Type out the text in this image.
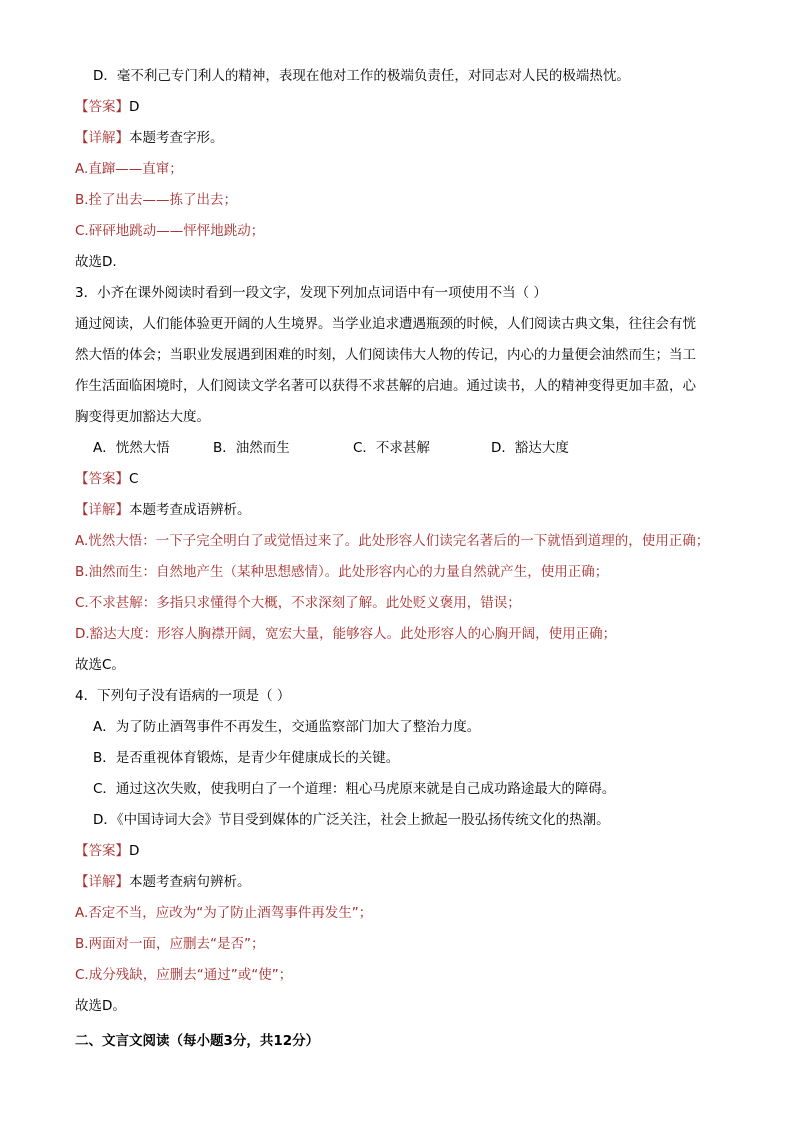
D．毫不利己专门利人的精神，表现在他对工作的极端负责任，对同志对人民的极端热忱。
【答案】D
【详解】本题考查字形。
A.直蹿——直窜；
B.拴了出去——拣了出去；
C.砰砰地跳动——怦怦地跳动；
故选D.
3．小齐在课外阅读时看到一段文字，发现下列加点词语中有一项使用不当（ ）
通过阅读，人们能体验更开阔的人生境界。当学业追求遭遇瓶颈的时候，人们阅读古典文集，往往会有恍
然大悟的体会；当职业发展遇到困难的时刻，人们阅读伟大人物的传记，内心的力量便会油然而生；当工
作生活面临困境时，人们阅读文学名著可以获得不求甚解的启迪。通过读书，人的精神变得更加丰盈，心
胸变得更加豁达大度。
A．恍然大悟	B．油然而生	C．不求甚解	D．豁达大度
【答案】C
【详解】本题考查成语辨析。
A.恍然大悟：一下子完全明白了或觉悟过来了。此处形容人们读完名著后的一下就悟到道理的，使用正确；
B.油然而生：自然地产生（某种思想感情）。此处形容内心的力量自然就产生，使用正确；
C.不求甚解：多指只求懂得个大概，不求深刻了解。此处贬义褒用，错误；
D.豁达大度：形容人胸襟开阔，宽宏大量，能够容人。此处形容人的心胸开阔，使用正确；
故选C。
4．下列句子没有语病的一项是（ ）
A．为了防止酒驾事件不再发生，交通监察部门加大了整治力度。
B．是否重视体育锻炼，是青少年健康成长的关键。
C．通过这次失败，使我明白了一个道理：粗心马虎原来就是自己成功路途最大的障碍。
D．《中国诗词大会》节目受到媒体的广泛关注，社会上掀起一股弘扬传统文化的热潮。
【答案】D
【详解】本题考查病句辨析。
A.否定不当，应改为“为了防止酒驾事件再发生”；
B.两面对一面，应删去“是否”；
C.成分残缺，应删去“通过”或“使”；
故选D。
二、文言文阅读（每小题3分，共12分）
